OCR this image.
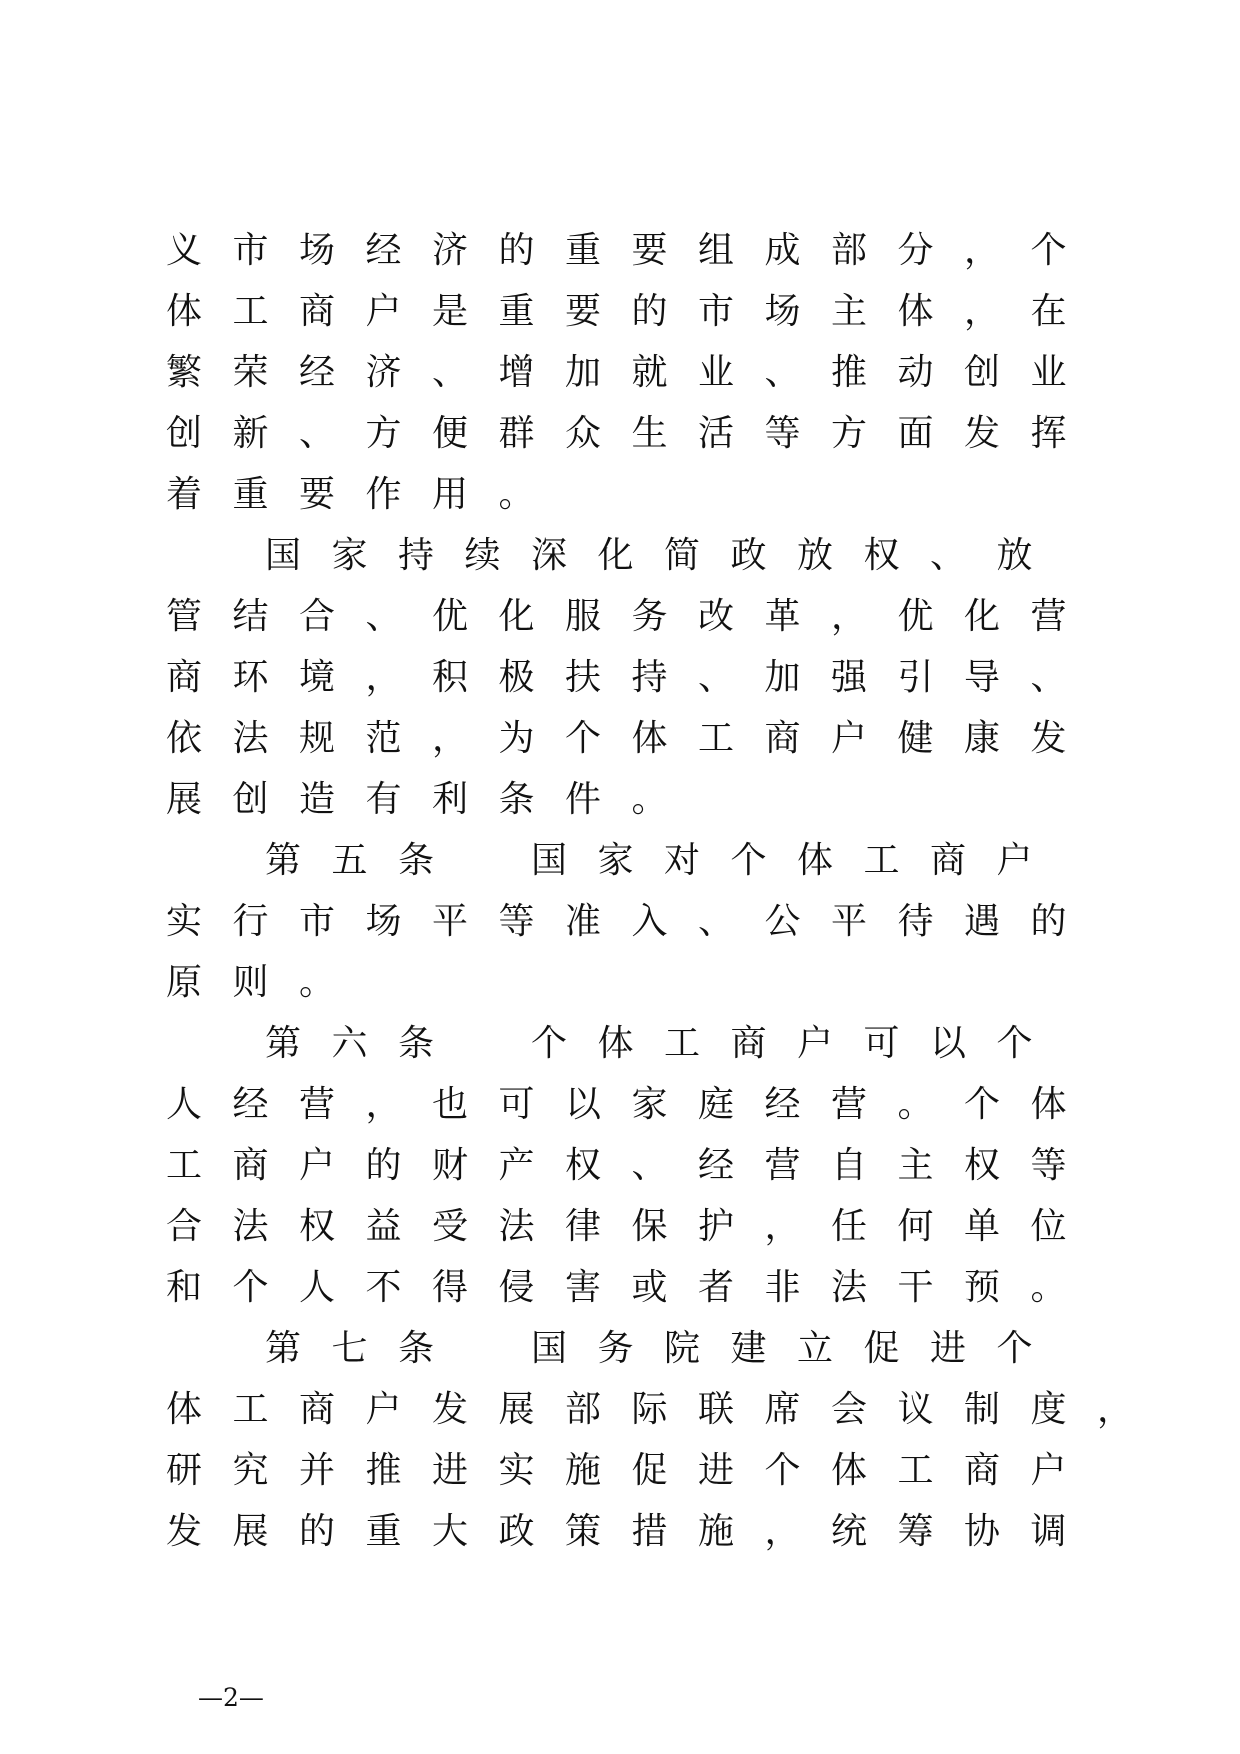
义市场经济的重要组成部分，个
体工商户是重要的市场主体，在
繁荣经济、增加就业、推动创业
创新、方便群众生活等方面发挥
着重要作用。
国家持续深化简政放权、放
管结合、优化服务改革，优化营
商环境，积极扶持、加强引导、
依法规范，为个体工商户健康发
展创造有利条件。
第五条　国家对个体工商户
实行市场平等准入、公平待遇的
原则。
第六条　个体工商户可以个
人经营，也可以家庭经营。个体
工商户的财产权、经营自主权等
合法权益受法律保护，任何单位
和个人不得侵害或者非法干预。
第七条　国务院建立促进个
体工商户发展部际联席会议制度，
研究并推进实施促进个体工商户
发展的重大政策措施，统筹协调
—2—
